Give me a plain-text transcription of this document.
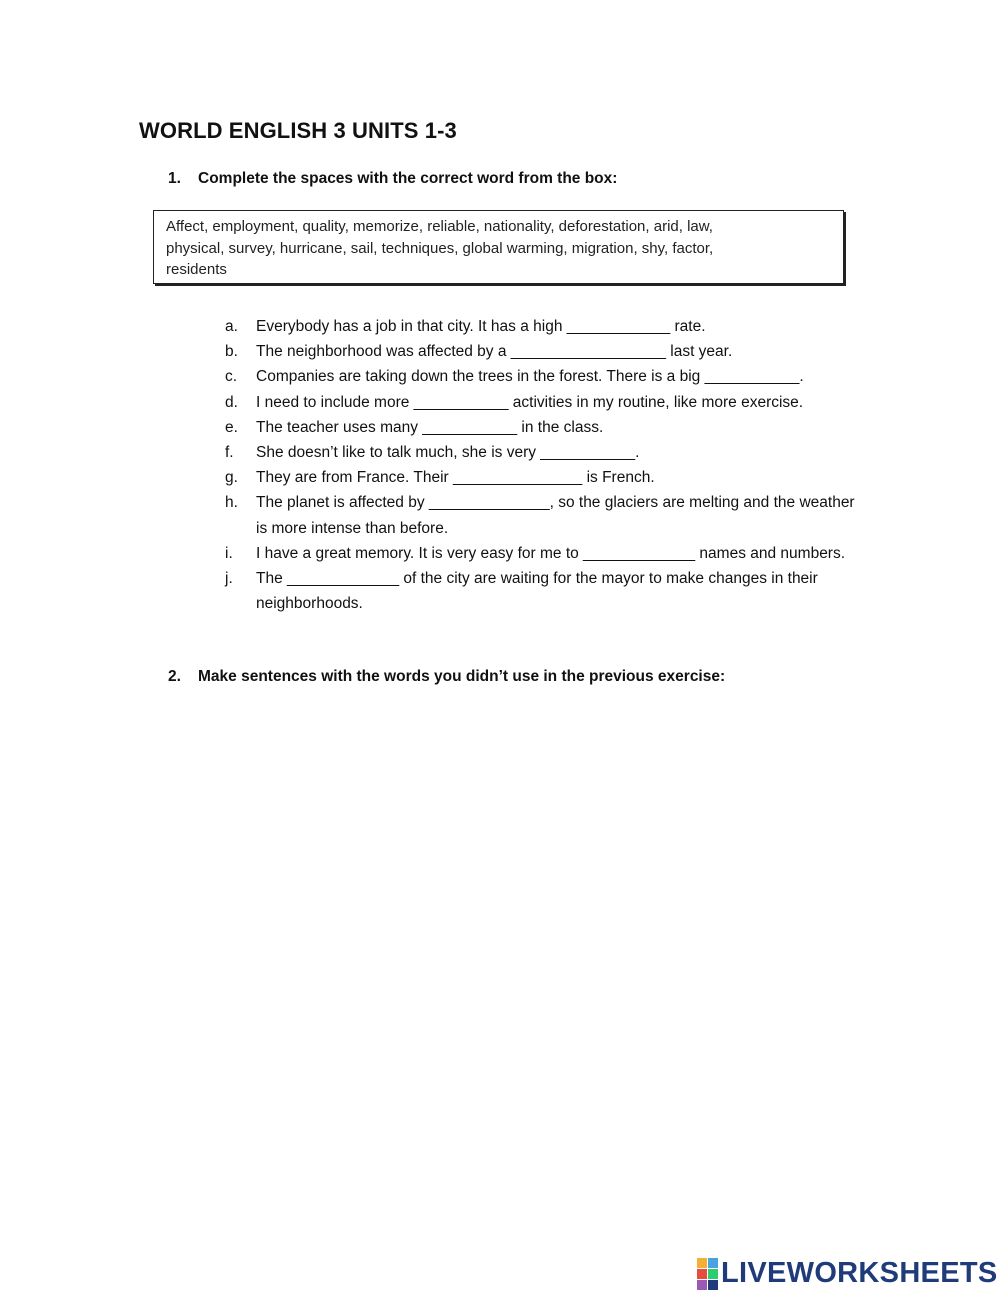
WORLD ENGLISH 3 UNITS 1-3
1. Complete the spaces with the correct word from the box:
Affect, employment, quality, memorize, reliable, nationality, deforestation, arid, law,
physical, survey, hurricane, sail, techniques, global warming, migration, shy, factor,
residents
a.	Everybody has a job in that city. It has a high ____________ rate.
b.	The neighborhood was affected by a __________________ last year.
c.	Companies are taking down the trees in the forest. There is a big ___________.
d.	I need to include more ___________ activities in my routine, like more exercise.
e.	The teacher uses many ___________ in the class.
f.	She doesn’t like to talk much, she is very ___________.
g.	They are from France. Their _______________ is French.
h.	The planet is affected by ______________, so the glaciers are melting and the weather is more intense than before.
i.	I have a great memory. It is very easy for me to _____________ names and numbers.
j.	The _____________ of the city are waiting for the mayor to make changes in their neighborhoods.
2. Make sentences with the words you didn’t use in the previous exercise:
LIVEWORKSHEETS
